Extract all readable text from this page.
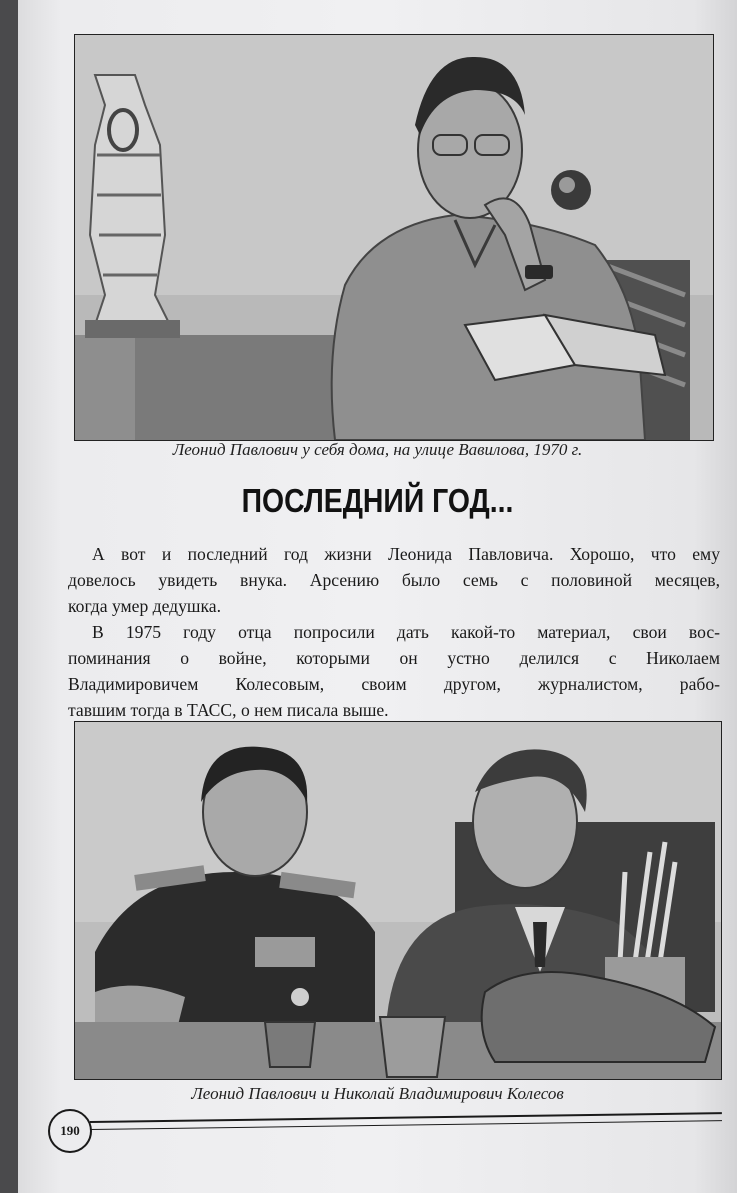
Леонид Павлович у себя дома, на улице Вавилова, 1970 г.
ПОСЛЕДНИЙ ГОД...
А вот и последний год жизни Леонида Павловича. Хорошо, что ему
довелось увидеть внука. Арсению было семь с половиной месяцев,
когда умер дедушка.
В 1975 году отца попросили дать какой-то материал, свои вос-
поминания о войне, которыми он устно делился с Николаем
Владимировичем Колесовым, своим другом, журналистом, рабо-
тавшим тогда в ТАСС, о нем писала выше.
Леонид Павлович и Николай Владимирович Колесов
190
